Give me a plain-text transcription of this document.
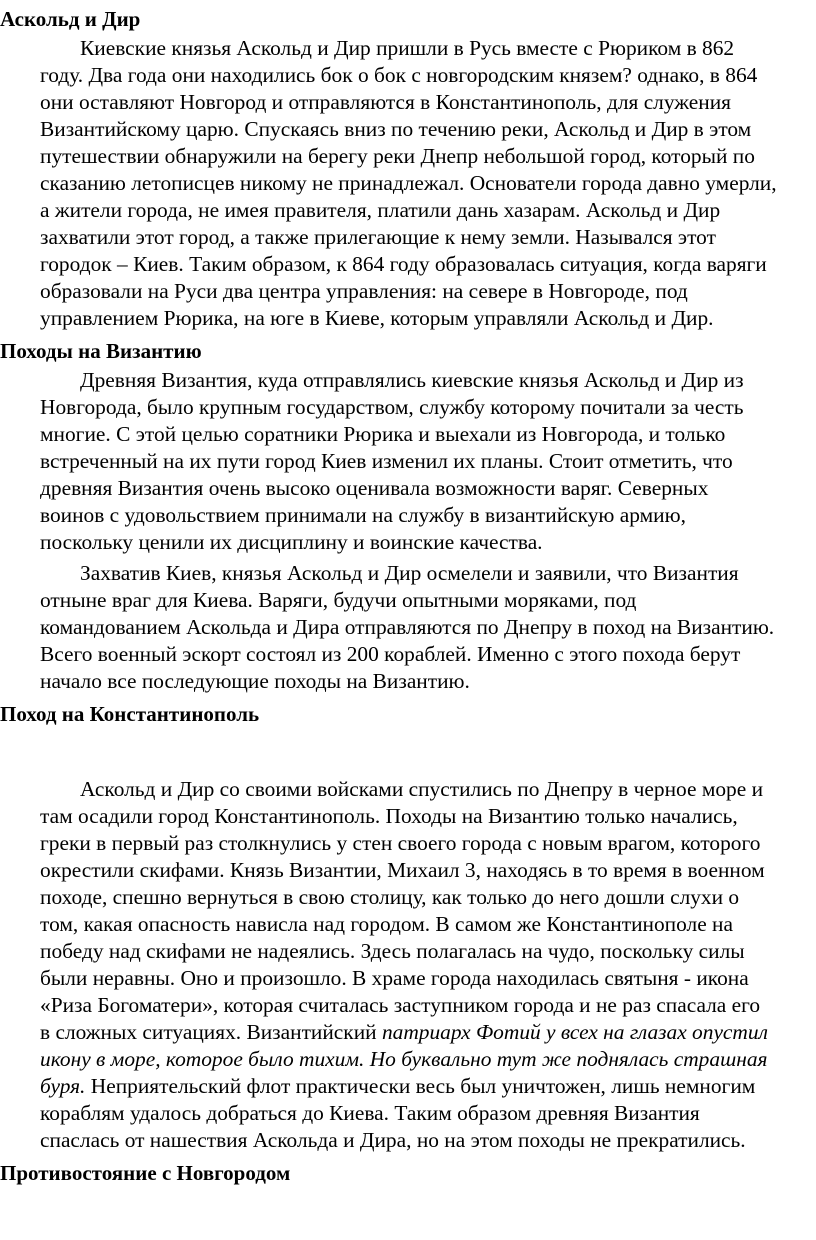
Аскольд и Дир
Киевские князья Аскольд и Дир пришли в Русь вместе с Рюриком в 862
году. Два года они находились бок о бок с новгородским князем? однако, в 864
они оставляют Новгород и отправляются в Константинополь, для служения
Византийскому царю. Спускаясь вниз по течению реки, Аскольд и Дир в этом
путешествии обнаружили на берегу реки Днепр небольшой город, который по
сказанию летописцев никому не принадлежал. Основатели города давно умерли,
а жители города, не имея правителя, платили дань хазарам. Аскольд и Дир
захватили этот город, а также прилегающие к нему земли. Назывался этот
городок – Киев. Таким образом, к 864 году образовалась ситуация, когда варяги
образовали на Руси два центра управления: на севере в Новгороде, под
управлением Рюрика, на юге в Киеве, которым управляли Аскольд и Дир.
Походы на Византию
Древняя Византия, куда отправлялись киевские князья Аскольд и Дир из
Новгорода, было крупным государством, службу которому почитали за честь
многие. С этой целью соратники Рюрика и выехали из Новгорода, и только
встреченный на их пути город Киев изменил их планы. Стоит отметить, что
древняя Византия очень высоко оценивала возможности варяг. Северных
воинов с удовольствием принимали на службу в византийскую армию,
поскольку ценили их дисциплину и воинские качества.
Захватив Киев, князья Аскольд и Дир осмелели и заявили, что Византия
отныне враг для Киева. Варяги, будучи опытными моряками, под
командованием Аскольда и Дира отправляются по Днепру в поход на Византию.
Всего военный эскорт состоял из 200 кораблей. Именно с этого похода берут
начало все последующие походы на Византию.
Поход на Константинополь
Аскольд и Дир со своими войсками спустились по Днепру в черное море и
там осадили город Константинополь. Походы на Византию только начались,
греки в первый раз столкнулись у стен своего города с новым врагом, которого
окрестили скифами. Князь Византии, Михаил 3, находясь в то время в военном
походе, спешно вернуться в свою столицу, как только до него дошли слухи о
том, какая опасность нависла над городом. В самом же Константинополе на
победу над скифами не надеялись. Здесь полагалась на чудо, поскольку силы
были неравны. Оно и произошло. В храме города находилась святыня - икона
«Риза Богоматери», которая считалась заступником города и не раз спасала его
в сложных ситуациях. Византийский патриарх Фотий у всех на глазах опустил
икону в море, которое было тихим. Но буквально тут же поднялась страшная
буря. Неприятельский флот практически весь был уничтожен, лишь немногим
кораблям удалось добраться до Киева. Таким образом древняя Византия
спаслась от нашествия Аскольда и Дира, но на этом походы не прекратились.
Противостояние с Новгородом
